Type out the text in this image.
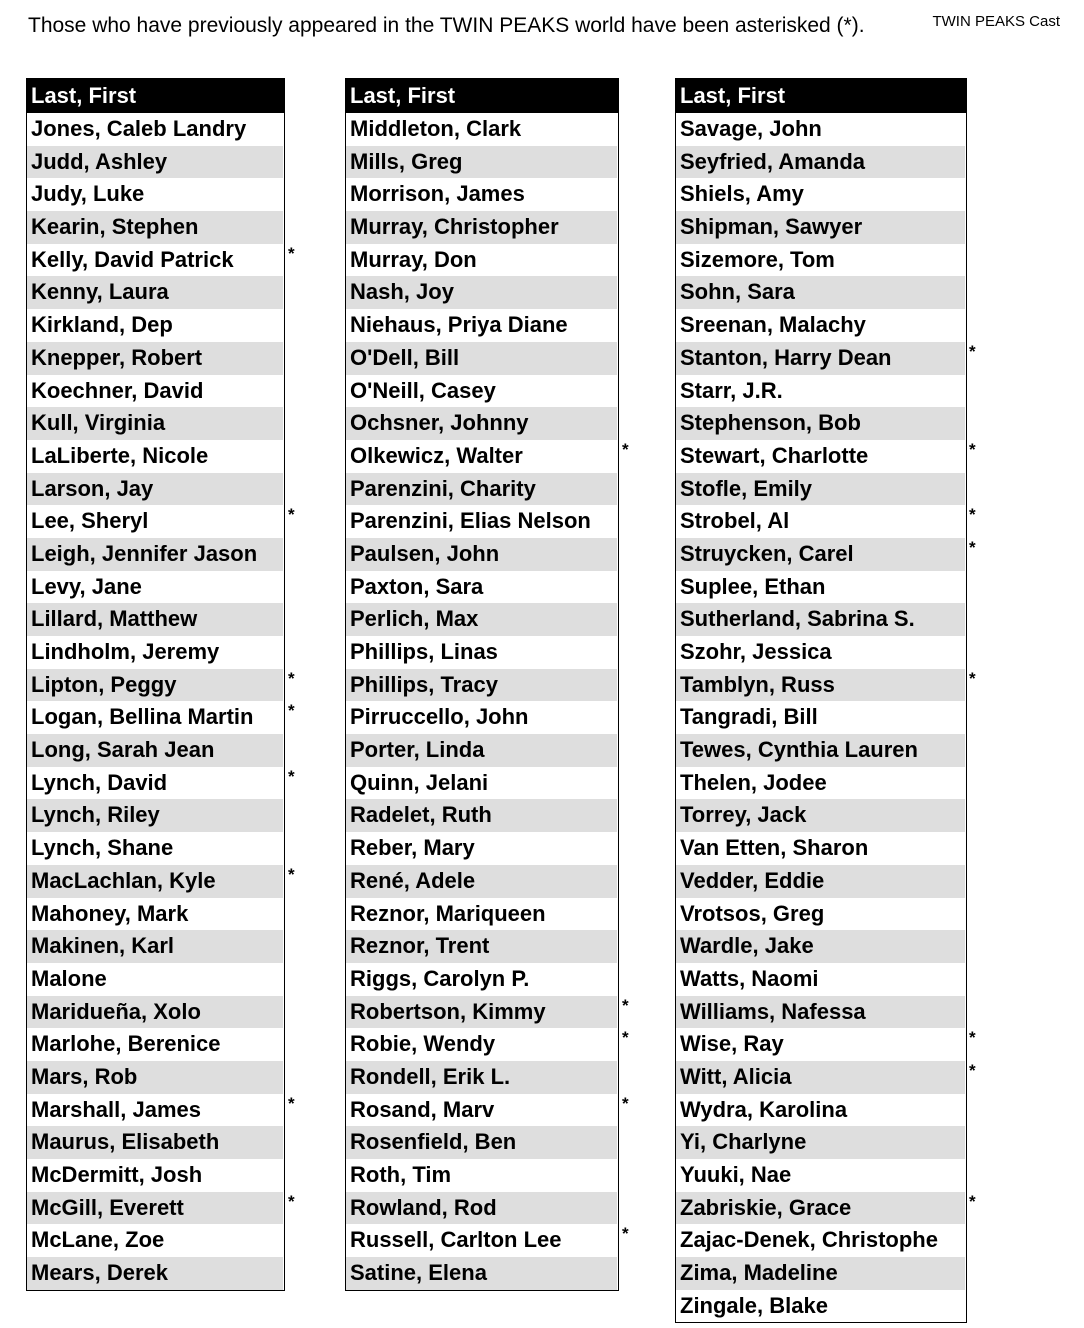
Those who have previously appeared in the TWIN PEAKS world have been asterisked (*).	TWIN PEAKS Cast
Last, First
Jones, Caleb Landry
Judd, Ashley
Judy, Luke
Kearin, Stephen
Kelly, David Patrick
Kenny, Laura
Kirkland, Dep
Knepper, Robert
Koechner, David
Kull, Virginia
LaLiberte, Nicole
Larson, Jay
Lee, Sheryl
Leigh, Jennifer Jason
Levy, Jane
Lillard, Matthew
Lindholm, Jeremy
Lipton, Peggy
Logan, Bellina Martin
Long, Sarah Jean
Lynch, David
Lynch, Riley
Lynch, Shane
MacLachlan, Kyle
Mahoney, Mark
Makinen, Karl
Malone
Maridueña, Xolo
Marlohe, Berenice
Mars, Rob
Marshall, James
Maurus, Elisabeth
McDermitt, Josh
McGill, Everett
McLane, Zoe
Mears, Derek
Last, First
Middleton, Clark
Mills, Greg
Morrison, James
Murray, Christopher
Murray, Don
Nash, Joy
Niehaus, Priya Diane
O'Dell, Bill
O'Neill, Casey
Ochsner, Johnny
Olkewicz, Walter
Parenzini, Charity
Parenzini, Elias Nelson
Paulsen, John
Paxton, Sara
Perlich, Max
Phillips, Linas
Phillips, Tracy
Pirruccello, John
Porter, Linda
Quinn, Jelani
Radelet, Ruth
Reber, Mary
René, Adele
Reznor, Mariqueen
Reznor, Trent
Riggs, Carolyn P.
Robertson, Kimmy
Robie, Wendy
Rondell, Erik L.
Rosand, Marv
Rosenfield, Ben
Roth, Tim
Rowland, Rod
Russell, Carlton Lee
Satine, Elena
Last, First
Savage, John
Seyfried, Amanda
Shiels, Amy
Shipman, Sawyer
Sizemore, Tom
Sohn, Sara
Sreenan, Malachy
Stanton, Harry Dean
Starr, J.R.
Stephenson, Bob
Stewart, Charlotte
Stofle, Emily
Strobel, Al
Struycken, Carel
Suplee, Ethan
Sutherland, Sabrina S.
Szohr, Jessica
Tamblyn, Russ
Tangradi, Bill
Tewes, Cynthia Lauren
Thelen, Jodee
Torrey, Jack
Van Etten, Sharon
Vedder, Eddie
Vrotsos, Greg
Wardle, Jake
Watts, Naomi
Williams, Nafessa
Wise, Ray
Witt, Alicia
Wydra, Karolina
Yi, Charlyne
Yuuki, Nae
Zabriskie, Grace
Zajac-Denek, Christophe
Zima, Madeline
Zingale, Blake
*
*
*
*
*
*
*
*
*
*
*
*
*
*
*
*
*
*
*
*
*
